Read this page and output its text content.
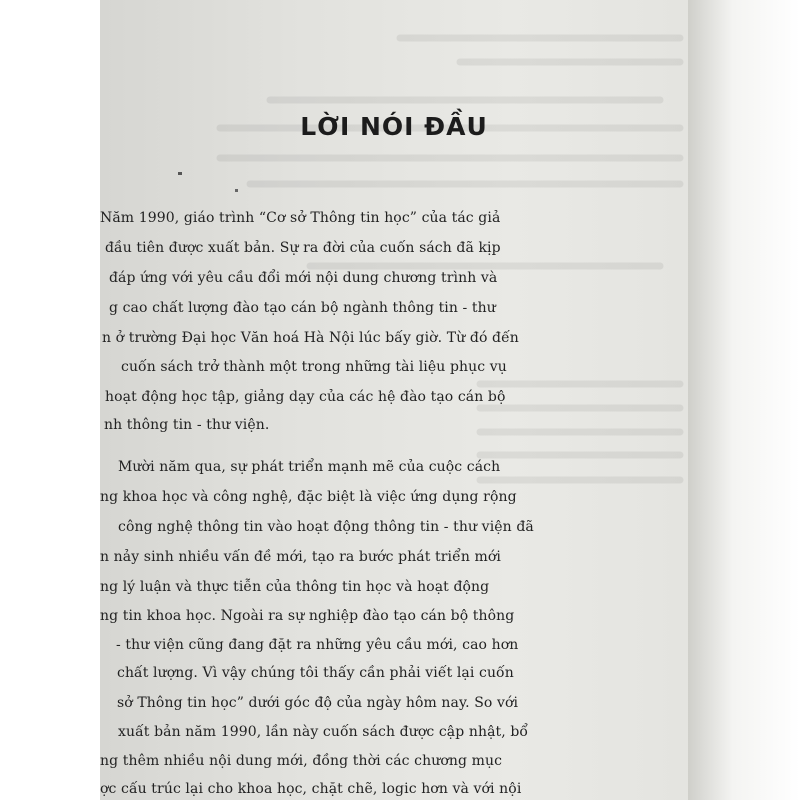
LỜI NÓI ĐẦU
Năm 1990, giáo trình “Cơ sở Thông tin học” của tác giả
đầu tiên được xuất bản. Sự ra đời của cuốn sách đã kịp
đáp ứng với yêu cầu đổi mới nội dung chương trình và
g cao chất lượng đào tạo cán bộ ngành thông tin - thư
n ở trường Đại học Văn hoá Hà Nội lúc bấy giờ. Từ đó đến
cuốn sách trở thành một trong những tài liệu phục vụ
hoạt động học tập, giảng dạy của các hệ đào tạo cán bộ
nh thông tin - thư viện.
Mười năm qua, sự phát triển mạnh mẽ của cuộc cách
ng khoa học và công nghệ, đặc biệt là việc ứng dụng rộng
công nghệ thông tin vào hoạt động thông tin - thư viện đã
n nảy sinh nhiều vấn đề mới, tạo ra bước phát triển mới
ng lý luận và thực tiễn của thông tin học và hoạt động
ng tin khoa học. Ngoài ra sự nghiệp đào tạo cán bộ thông
- thư viện cũng đang đặt ra những yêu cầu mới, cao hơn
chất lượng. Vì vậy chúng tôi thấy cần phải viết lại cuốn
sở Thông tin học” dưới góc độ của ngày hôm nay. So với
xuất bản năm 1990, lần này cuốn sách được cập nhật, bổ
ng thêm nhiều nội dung mới, đồng thời các chương mục
ợc cấu trúc lại cho khoa học, chặt chẽ, logic hơn và với nội
